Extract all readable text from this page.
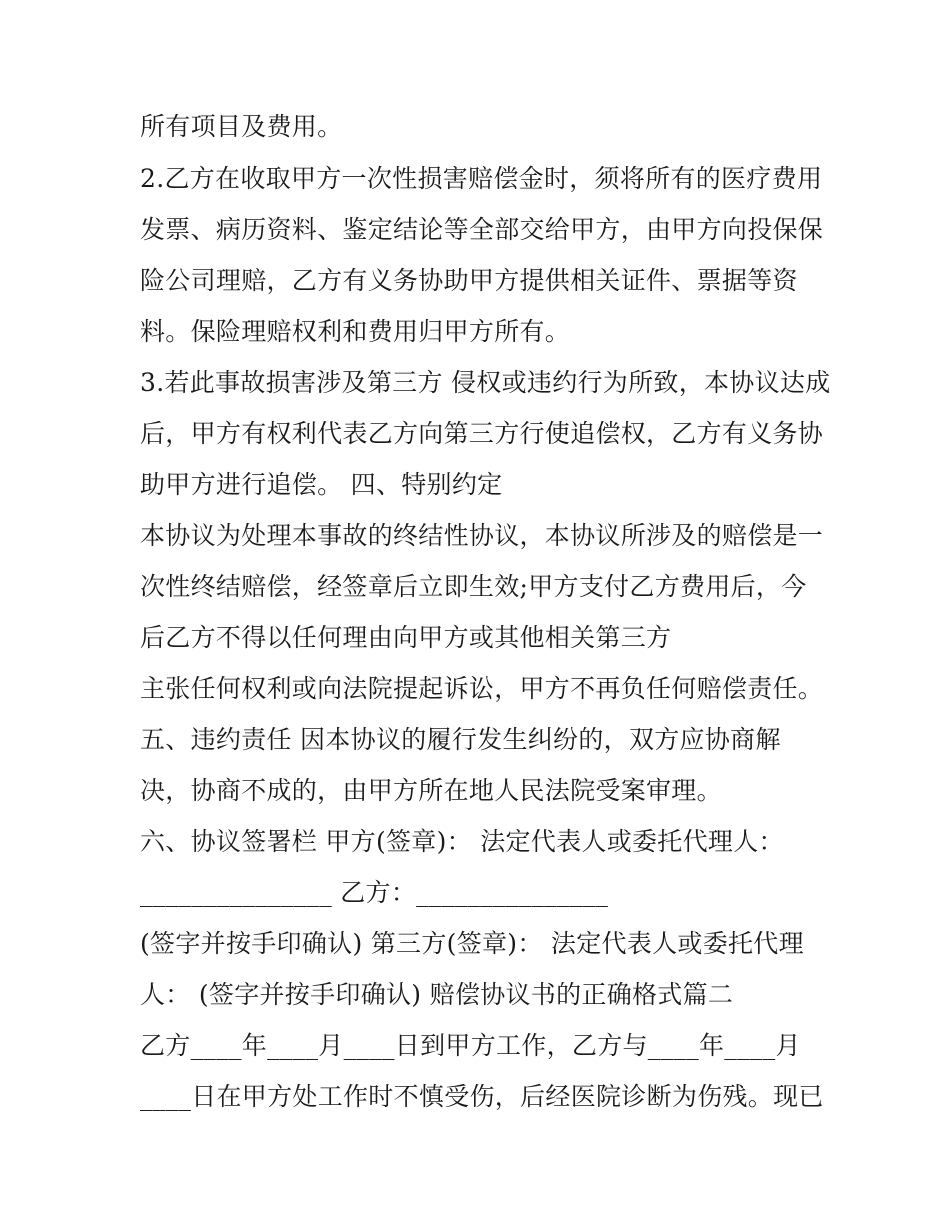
所有项目及费用。

2.乙方在收取甲方一次性损害赔偿金时，须将所有的医疗费用

发票、病历资料、鉴定结论等全部交给甲方，由甲方向投保保

险公司理赔，乙方有义务协助甲方提供相关证件、票据等资

料。保险理赔权利和费用归甲方所有。

3.若此事故损害涉及第三方 侵权或违约行为所致，本协议达成

后，甲方有权利代表乙方向第三方行使追偿权，乙方有义务协

助甲方进行追偿。 四、特别约定

本协议为处理本事故的终结性协议，本协议所涉及的赔偿是一

次性终结赔偿，经签章后立即生效;甲方支付乙方费用后，今

后乙方不得以任何理由向甲方或其他相关第三方

主张任何权利或向法院提起诉讼，甲方不再负任何赔偿责任。

五、违约责任 因本协议的履行发生纠纷的，双方应协商解

决，协商不成的，由甲方所在地人民法院受案审理。

六、协议签署栏 甲方(签章)： 法定代表人或委托代理人：

_______________ 乙方：_______________

(签字并按手印确认) 第三方(签章)： 法定代表人或委托代理

人： (签字并按手印确认) 赔偿协议书的正确格式篇二

乙方____年____月____日到甲方工作，乙方与____年____月

____日在甲方处工作时不慎受伤，后经医院诊断为伤残。现已
